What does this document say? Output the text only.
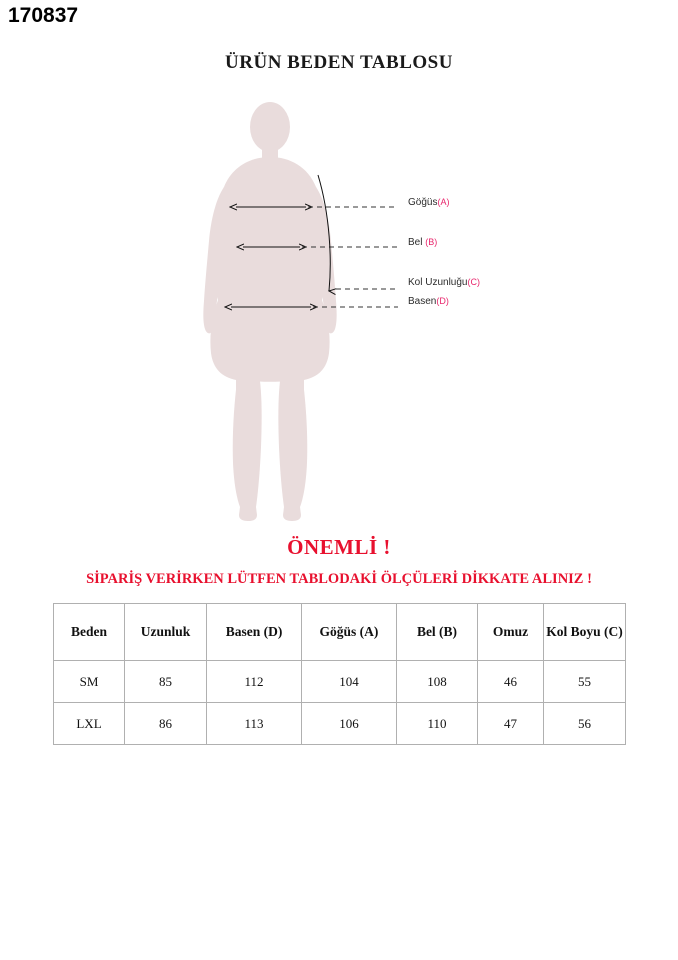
170837
ÜRÜN BEDEN TABLOSU
Göğüs(A)
Bel (B)
Kol Uzunluğu(C)
Basen(D)
ÖNEMLİ !
SİPARİŞ VERİRKEN LÜTFEN TABLODAKİ ÖLÇÜLERİ DİKKATE ALINIZ !
Beden	Uzunluk	Basen (D)	Göğüs (A)	Bel (B)	Omuz	Kol Boyu (C)
SM	85	112	104	108	46	55
LXL	86	113	106	110	47	56
